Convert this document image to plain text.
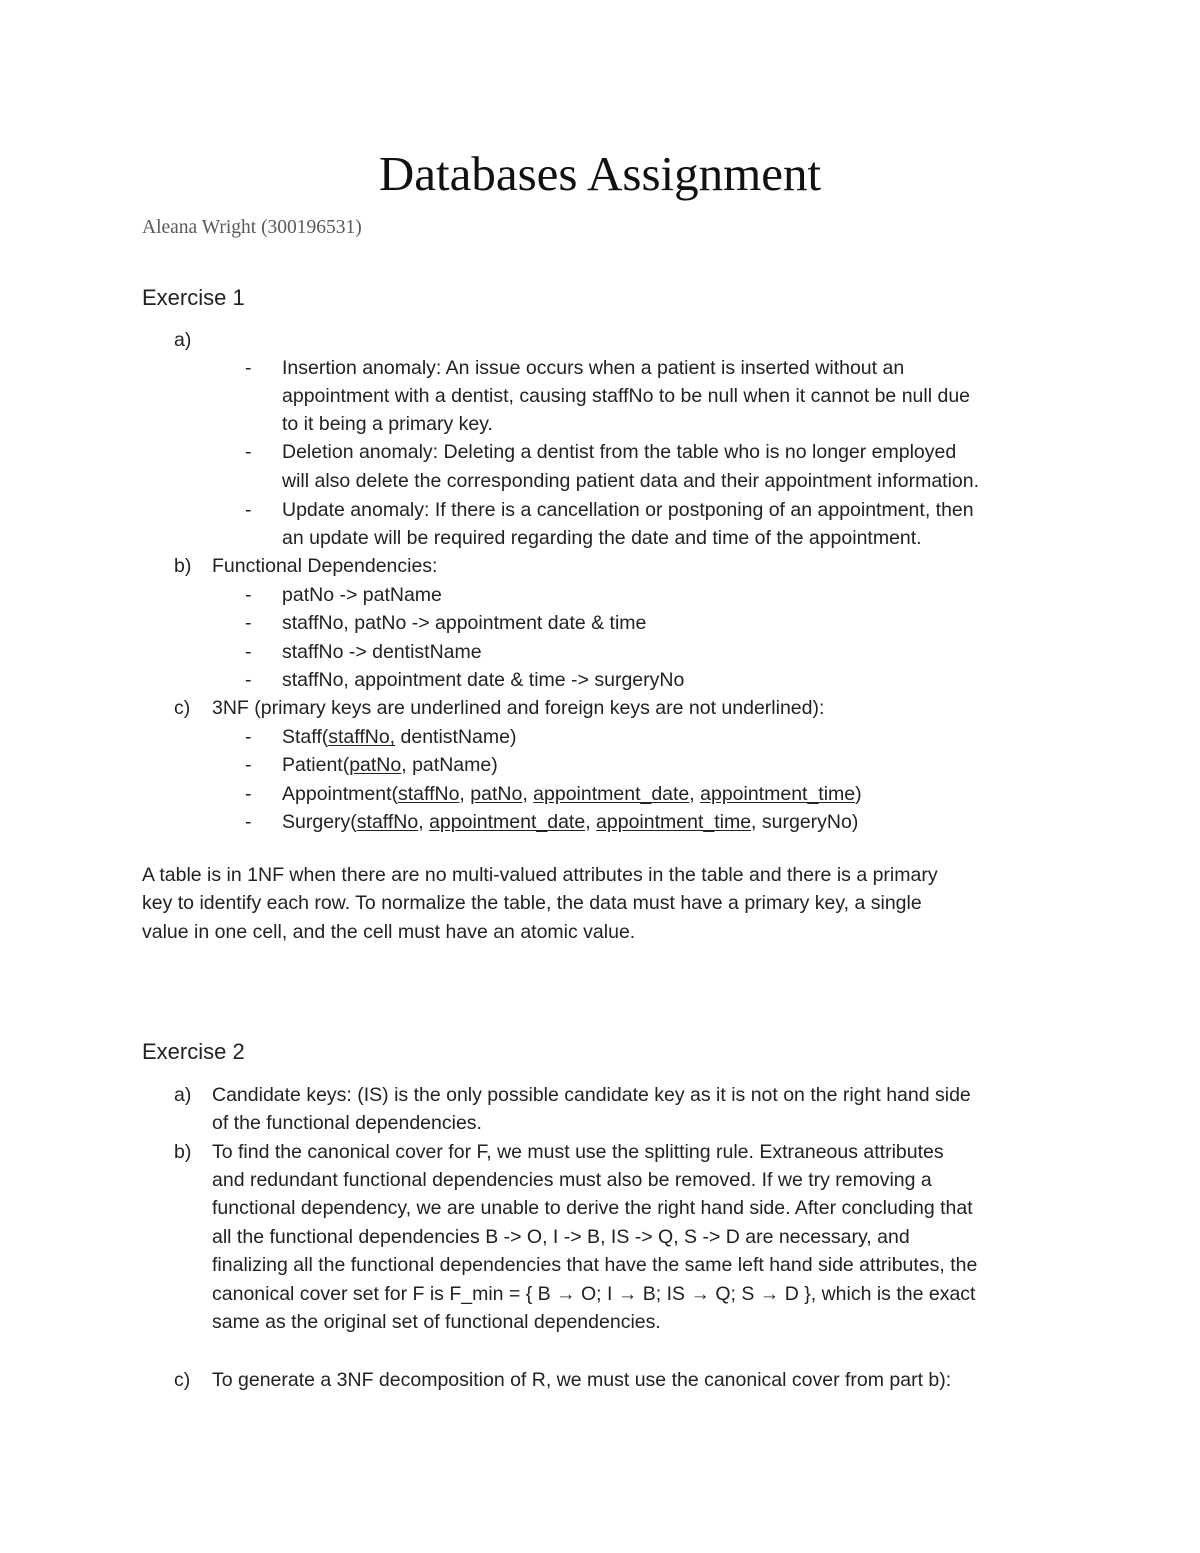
Databases Assignment
Aleana Wright (300196531)
Exercise 1
a)
- Insertion anomaly: An issue occurs when a patient is inserted without an
appointment with a dentist, causing staffNo to be null when it cannot be null due
to it being a primary key.
- Deletion anomaly: Deleting a dentist from the table who is no longer employed
will also delete the corresponding patient data and their appointment information.
- Update anomaly: If there is a cancellation or postponing of an appointment, then
an update will be required regarding the date and time of the appointment.
b) Functional Dependencies:
- patNo -> patName
- staffNo, patNo -> appointment date & time
- staffNo -> dentistName
- staffNo, appointment date & time -> surgeryNo
c) 3NF (primary keys are underlined and foreign keys are not underlined):
- Staff(staffNo, dentistName)
- Patient(patNo, patName)
- Appointment(staffNo, patNo, appointment_date, appointment_time)
- Surgery(staffNo, appointment_date, appointment_time, surgeryNo)
A table is in 1NF when there are no multi-valued attributes in the table and there is a primary
key to identify each row. To normalize the table, the data must have a primary key, a single
value in one cell, and the cell must have an atomic value.
Exercise 2
a) Candidate keys: (IS) is the only possible candidate key as it is not on the right hand side
of the functional dependencies.
b) To find the canonical cover for F, we must use the splitting rule. Extraneous attributes
and redundant functional dependencies must also be removed. If we try removing a
functional dependency, we are unable to derive the right hand side. After concluding that
all the functional dependencies B -> O, I -> B, IS -> Q, S -> D are necessary, and
finalizing all the functional dependencies that have the same left hand side attributes, the
canonical cover set for F is F_min = { B → O; I → B; IS → Q; S → D }, which is the exact
same as the original set of functional dependencies.
c) To generate a 3NF decomposition of R, we must use the canonical cover from part b):
